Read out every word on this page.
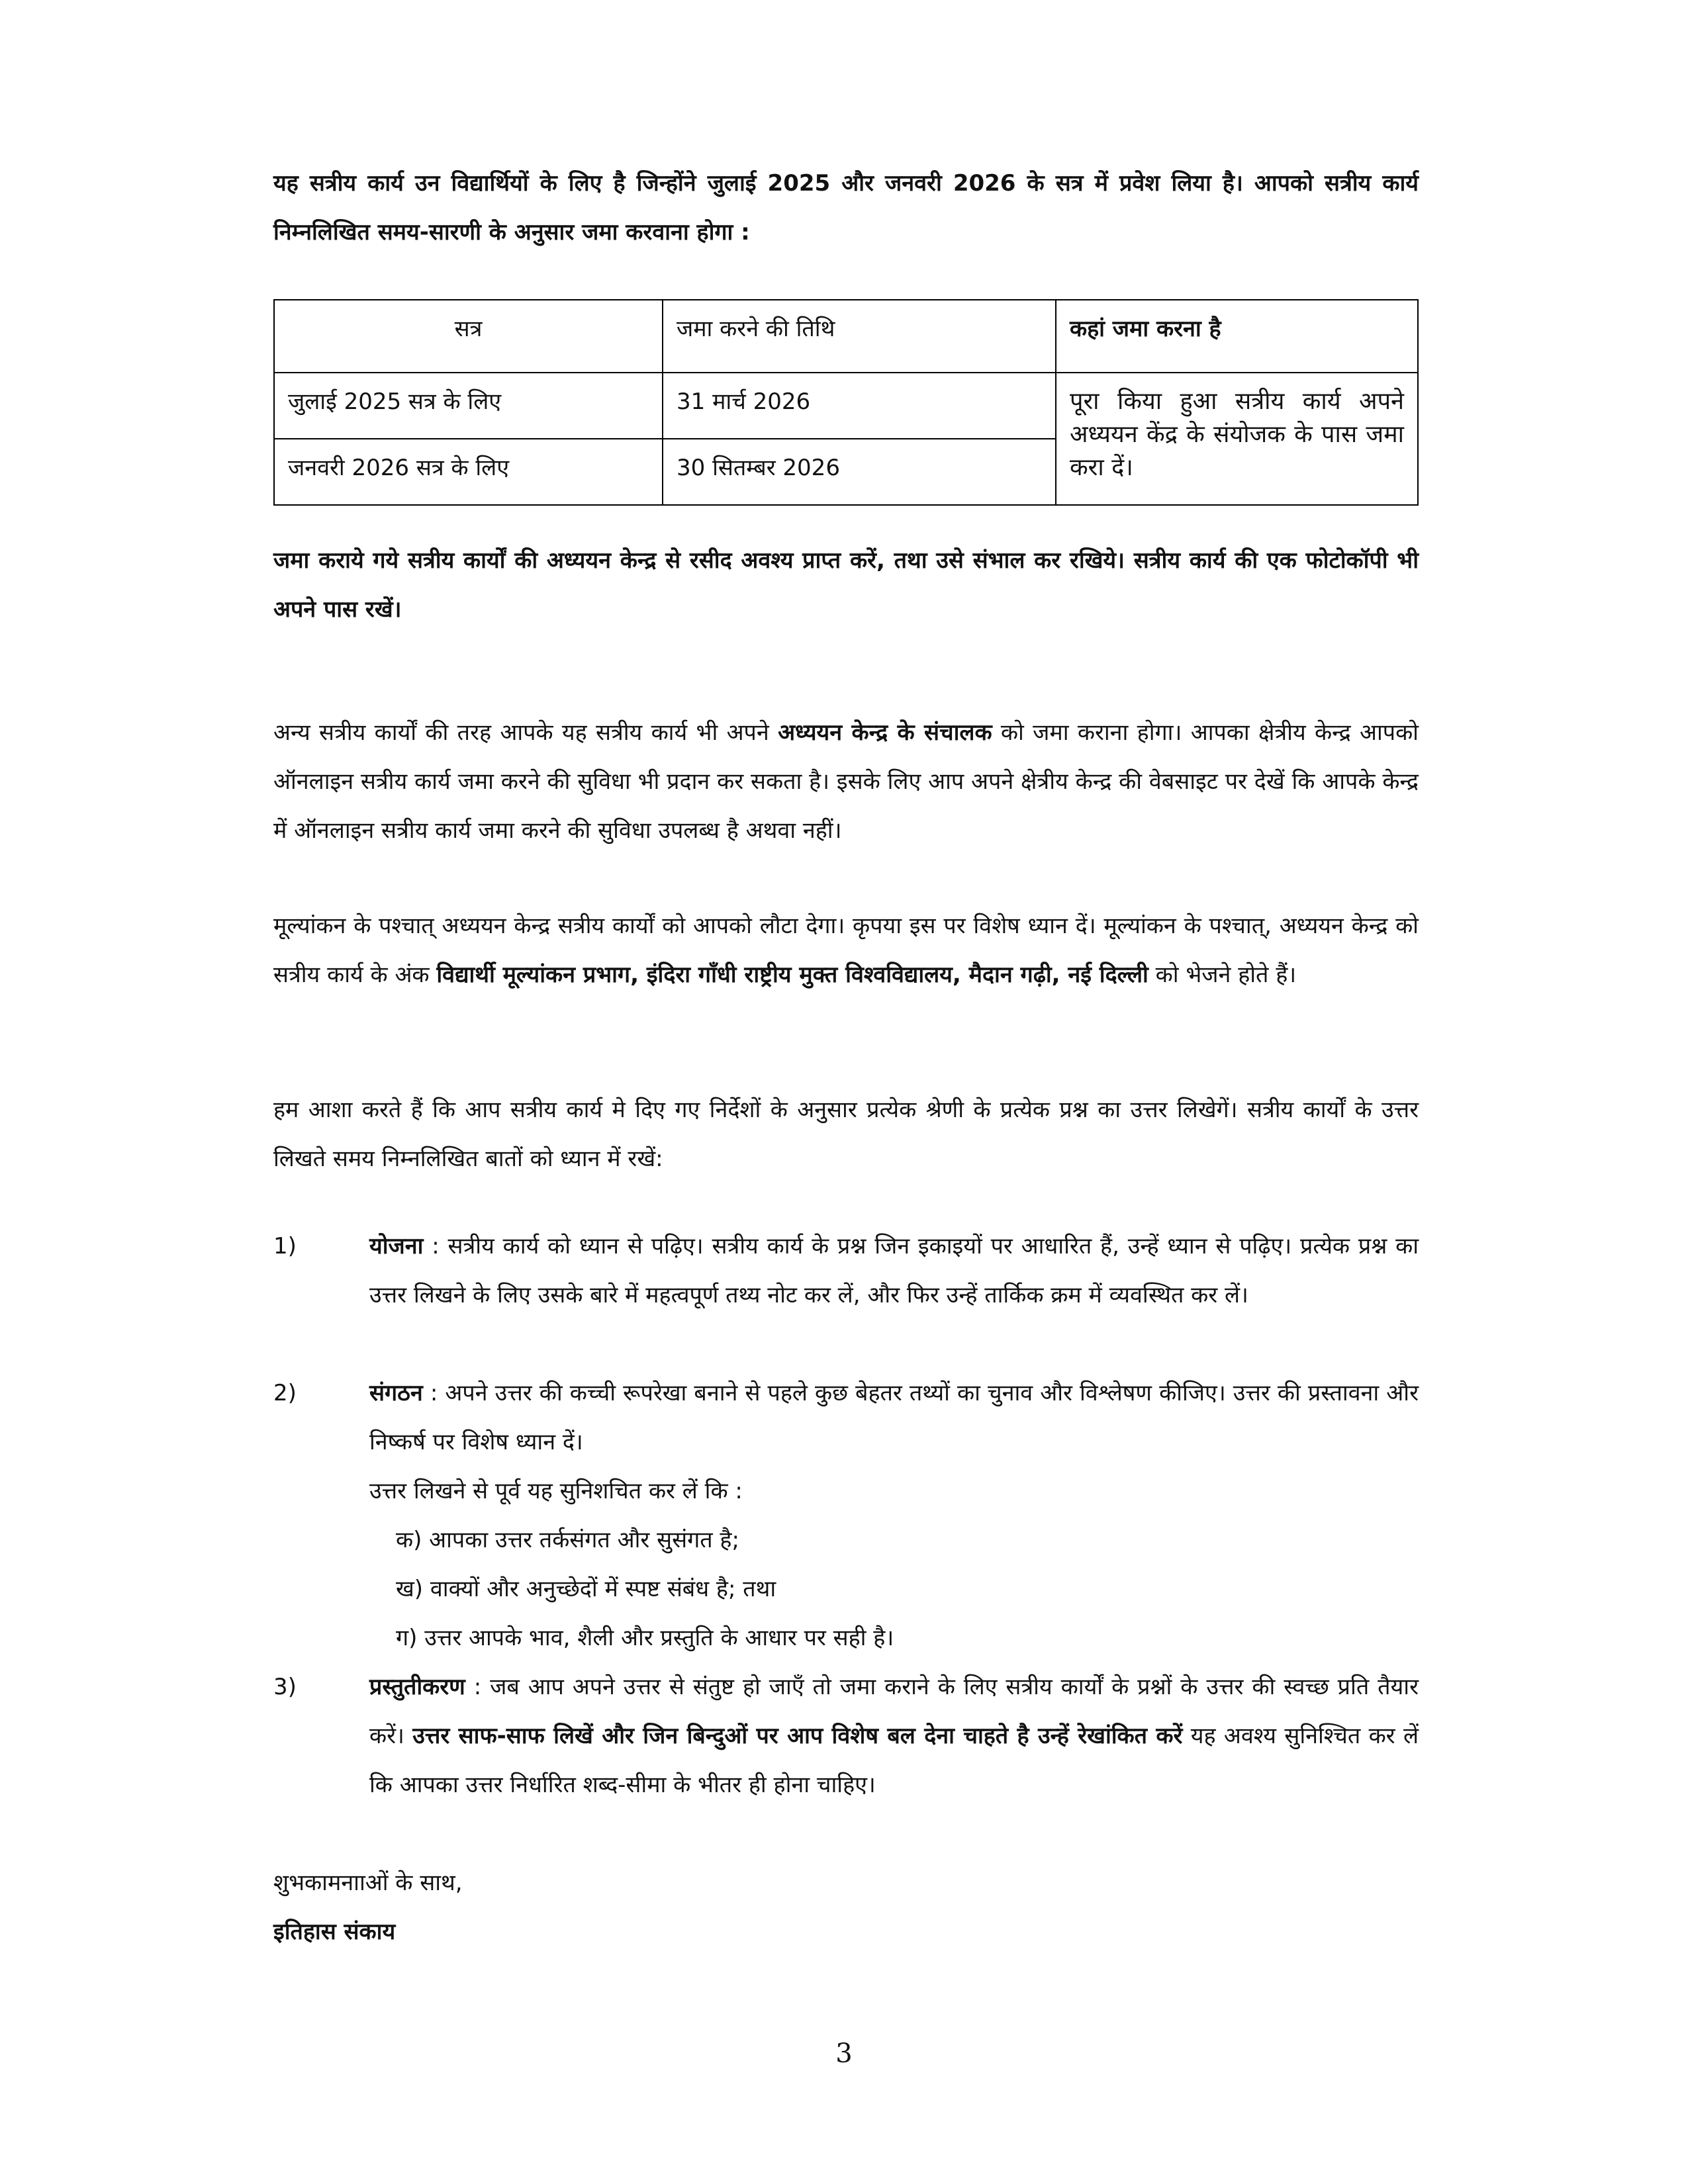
यह सत्रीय कार्य उन विद्यार्थियों के लिए है जिन्होंने जुलाई 2025 और जनवरी 2026 के सत्र में प्रवेश लिया है। आपको सत्रीय कार्य निम्नलिखित समय-सारणी के अनुसार जमा करवाना होगा :

सत्र	जमा करने की तिथि	कहां जमा करना है
जुलाई 2025 सत्र के लिए	31 मार्च 2026	पूरा किया हुआ सत्रीय कार्य अपने अध्ययन केंद्र के संयोजक के पास जमा करा दें।
जनवरी 2026 सत्र के लिए	30 सितम्बर 2026	

जमा कराये गये सत्रीय कार्यों की अध्ययन केन्द्र से रसीद अवश्य प्राप्त करें, तथा उसे संभाल कर रखिये। सत्रीय कार्य की एक फोटोकॉपी भी अपने पास रखें।

अन्य सत्रीय कार्यों की तरह आपके यह सत्रीय कार्य भी अपने अध्ययन केन्द्र के संचालक को जमा कराना होगा। आपका क्षेत्रीय केन्द्र आपको ऑनलाइन सत्रीय कार्य जमा करने की सुविधा भी प्रदान कर सकता है। इसके लिए आप अपने क्षेत्रीय केन्द्र की वेबसाइट पर देखें कि आपके केन्द्र में ऑनलाइन सत्रीय कार्य जमा करने की सुविधा उपलब्ध है अथवा नहीं।

मूल्यांकन के पश्चात् अध्ययन केन्द्र सत्रीय कार्यों को आपको लौटा देगा। कृपया इस पर विशेष ध्यान दें। मूल्यांकन के पश्चात्, अध्ययन केन्द्र को सत्रीय कार्य के अंक विद्यार्थी मूल्यांकन प्रभाग, इंदिरा गाँधी राष्ट्रीय मुक्त विश्वविद्यालय, मैदान गढ़ी, नई दिल्ली को भेजने होते हैं।

हम आशा करते हैं कि आप सत्रीय कार्य मे दिए गए निर्देशों के अनुसार प्रत्येक श्रेणी के प्रत्येक प्रश्न का उत्तर लिखेगें। सत्रीय कार्यों के उत्तर लिखते समय निम्नलिखित बातों को ध्यान में रखें:

1)	योजना : सत्रीय कार्य को ध्यान से पढ़िए। सत्रीय कार्य के प्रश्न जिन इकाइयों पर आधारित हैं, उन्हें ध्यान से पढ़िए। प्रत्येक प्रश्न का उत्तर लिखने के लिए उसके बारे में महत्वपूर्ण तथ्य नोट कर लें, और फिर उन्हें तार्किक क्रम में व्यवस्थित कर लें।

2)	संगठन : अपने उत्तर की कच्ची रूपरेखा बनाने से पहले कुछ बेहतर तथ्यों का चुनाव और विश्लेषण कीजिए। उत्तर की प्रस्तावना और निष्कर्ष पर विशेष ध्यान दें।
उत्तर लिखने से पूर्व यह सुनिशचित कर लें कि :
क) आपका उत्तर तर्कसंगत और सुसंगत है;
ख) वाक्यों और अनुच्छेदों में स्पष्ट संबंध है; तथा
ग) उत्तर आपके भाव, शैली और प्रस्तुति के आधार पर सही है।
3)	प्रस्तुतीकरण : जब आप अपने उत्तर से संतुष्ट हो जाएँ तो जमा कराने के लिए सत्रीय कार्यों के प्रश्नों के उत्तर की स्वच्छ प्रति तैयार करें। उत्तर साफ-साफ लिखें और जिन बिन्दुओं पर आप विशेष बल देना चाहते है उन्हें रेखांकित करें यह अवश्य सुनिश्चित कर लें कि आपका उत्तर निर्धारित शब्द-सीमा के भीतर ही होना चाहिए।

शुभकामनााओं के साथ,

इतिहास संकाय

3
